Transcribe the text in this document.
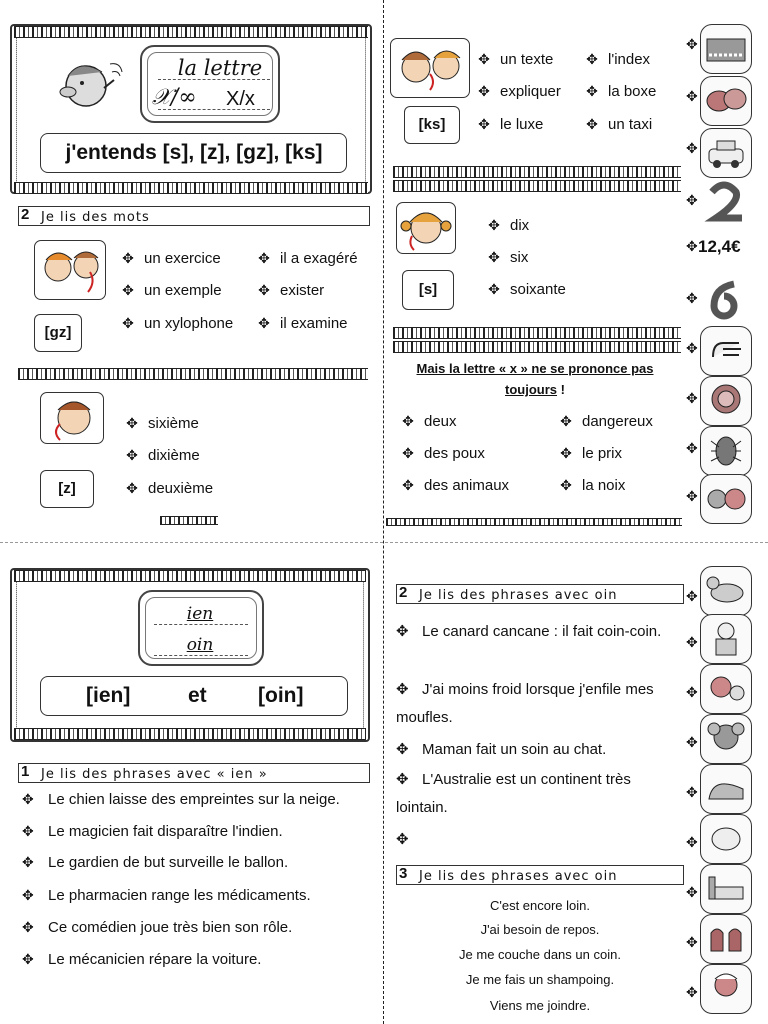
la lettre
𝒳/∞ X/x
j'entends [s], [z], [gz], [ks]
2 Je lis des mots
[gz]
✥ un exercice
✥ un exemple
✥ un xylophone
✥ il a exagéré
✥ exister
✥ il examine
[z]
✥ sixième
✥ dixième
✥ deuxième
[ks]
✥ un texte
✥ expliquer
✥ le luxe
✥ l'index
✥ la boxe
✥ un taxi
[s]
✥ dix
✥ six
✥ soixante
Mais la lettre « x » ne se prononce pas toujours !
✥ deux
✥ des poux
✥ des animaux
✥ dangereux
✥ le prix
✥ la noix
✥
✥
✥
✥
✥ 12,4€
✥
✥
✥
✥
✥
ien
oin
[ien]	et [oin]
1 Je lis des phrases avec « ien »
✥ Le chien laisse des empreintes sur la neige.
✥ Le magicien fait disparaître l'indien.
✥ Le gardien de but surveille le ballon.
✥ Le pharmacien range les médicaments.
✥ Ce comédien joue très bien son rôle.
✥ Le mécanicien répare la voiture.
2 Je lis des phrases avec oin
✥ Le canard cancane : il fait coin-coin.
✥ J'ai moins froid lorsque j'enfile mes moufles.
✥ Maman fait un soin au chat.
✥ L'Australie est un continent très lointain.
✥
3 Je lis des phrases avec oin
C'est encore loin.
J'ai besoin de repos.
Je me couche dans un coin.
Je me fais un shampoing.
Viens me joindre.
✥
✥
✥
✥
✥
✥
✥
✥
✥
